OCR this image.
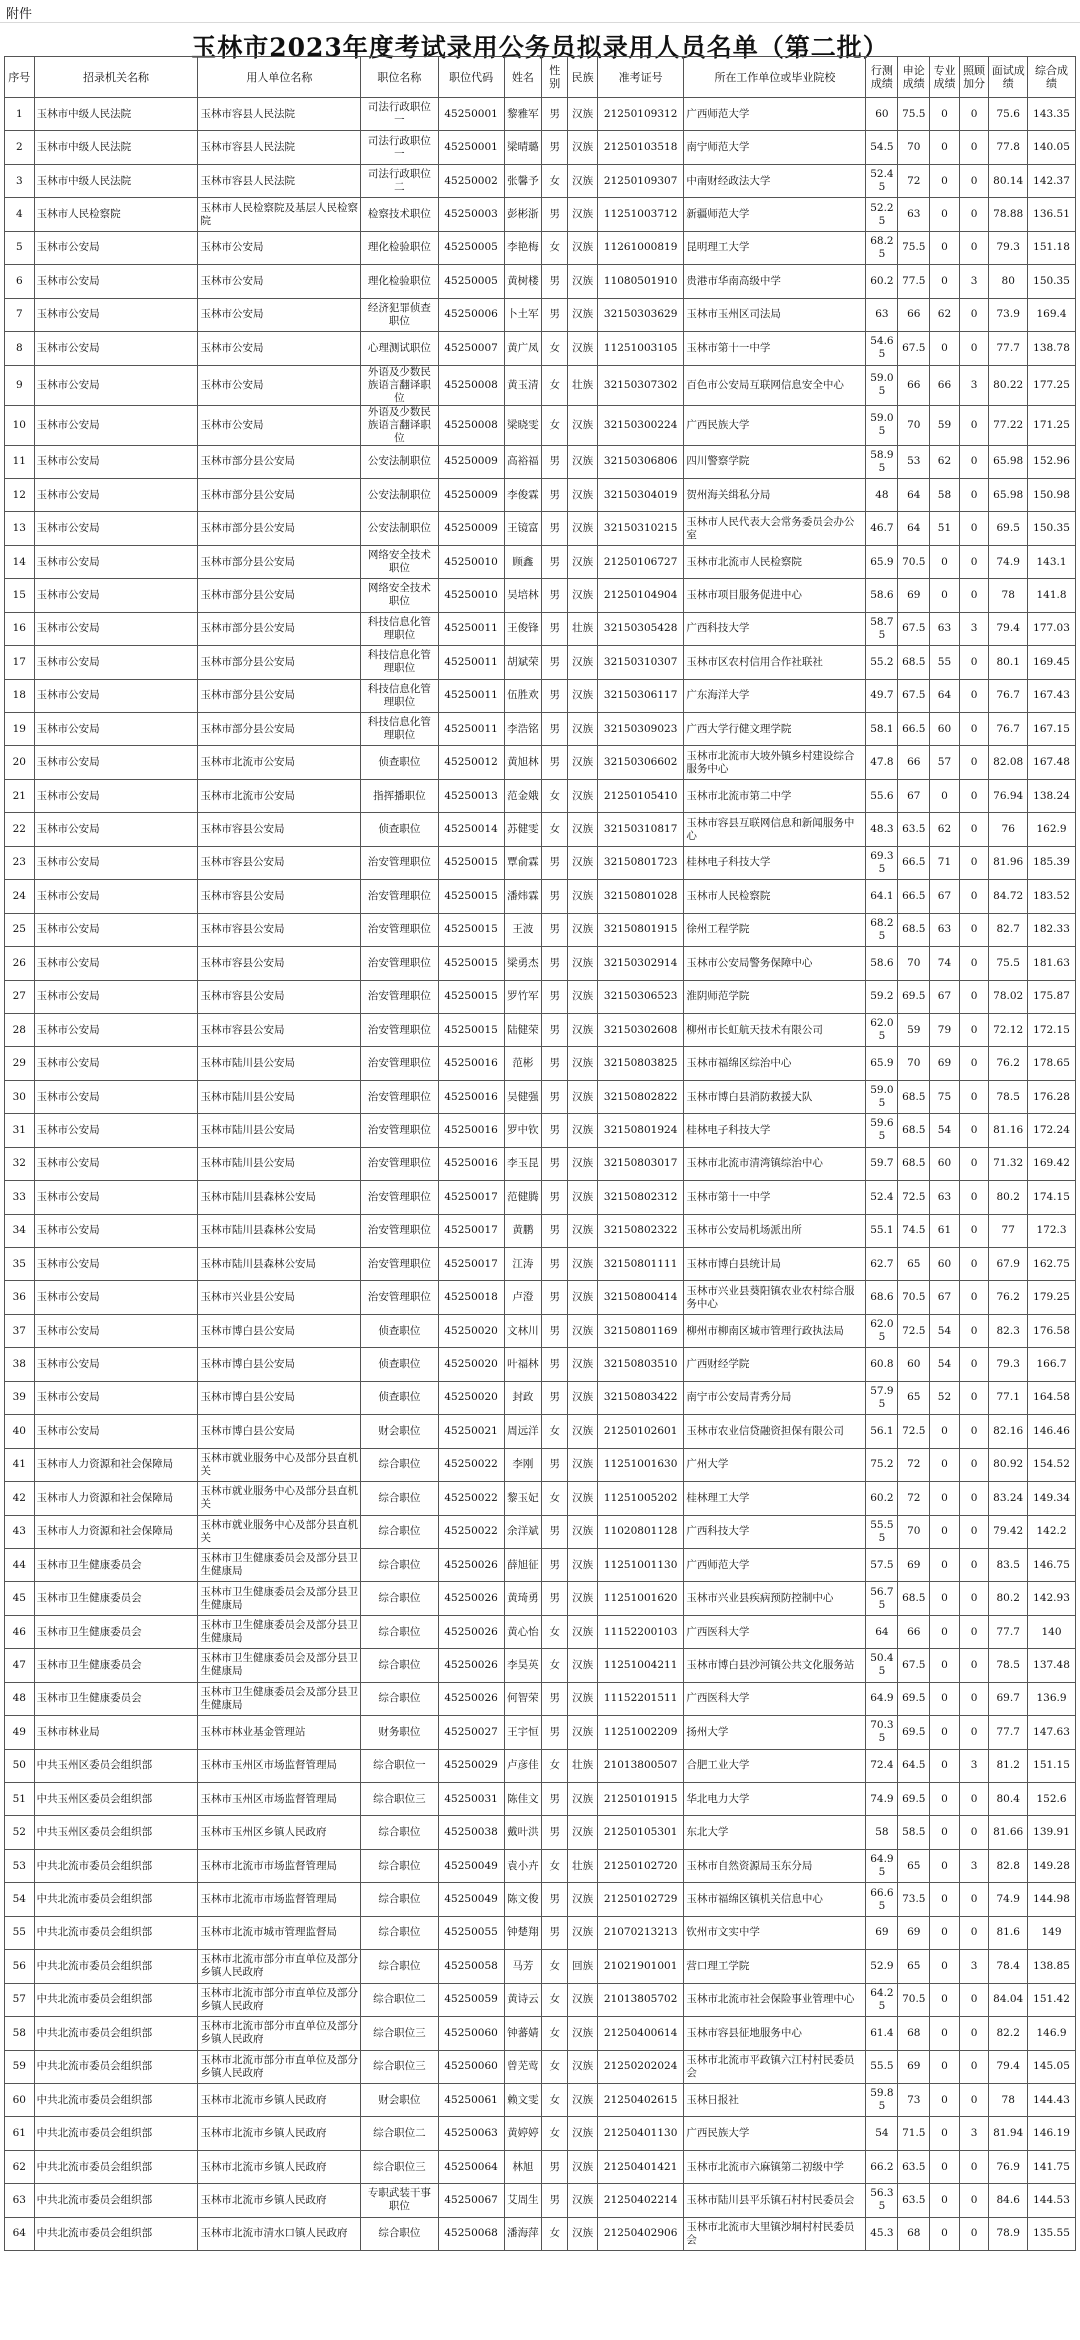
附件
玉林市2023年度考试录用公务员拟录用人员名单（第二批）
序号	招录机关名称	用人单位名称	职位名称	职位代码	姓名	性别	民族	准考证号	所在工作单位或毕业院校	行测成绩	申论成绩	专业成绩	照顾加分	面试成绩	综合成绩
1	玉林市中级人民法院	玉林市容县人民法院	司法行政职位一	45250001	黎雅军	男	汉族	21250109312	广西师范大学	60	75.5	0	0	75.6	143.35
2	玉林市中级人民法院	玉林市容县人民法院	司法行政职位一	45250001	梁晴璐	男	汉族	21250103518	南宁师范大学	54.5	70	0	0	77.8	140.05
3	玉林市中级人民法院	玉林市容县人民法院	司法行政职位二	45250002	张馨予	女	汉族	21250109307	中南财经政法大学	52.45	72	0	0	80.14	142.37
4	玉林市人民检察院	玉林市人民检察院及基层人民检察院	检察技术职位	45250003	彭彬浙	男	汉族	11251003712	新疆师范大学	52.25	63	0	0	78.88	136.51
5	玉林市公安局	玉林市公安局	理化检验职位	45250005	李艳梅	女	汉族	11261000819	昆明理工大学	68.25	75.5	0	0	79.3	151.18
6	玉林市公安局	玉林市公安局	理化检验职位	45250005	黄树楼	男	汉族	11080501910	贵港市华南高级中学	60.2	77.5	0	3	80	150.35
7	玉林市公安局	玉林市公安局	经济犯罪侦查职位	45250006	卜土军	男	汉族	32150303629	玉林市玉州区司法局	63	66	62	0	73.9	169.4
8	玉林市公安局	玉林市公安局	心理测试职位	45250007	黄广凤	女	汉族	11251003105	玉林市第十一中学	54.65	67.5	0	0	77.7	138.78
9	玉林市公安局	玉林市公安局	外语及少数民族语言翻译职位	45250008	黄玉清	女	壮族	32150307302	百色市公安局互联网信息安全中心	59.05	66	66	3	80.22	177.25
10	玉林市公安局	玉林市公安局	外语及少数民族语言翻译职位	45250008	梁晓雯	女	汉族	32150300224	广西民族大学	59.05	70	59	0	77.22	171.25
11	玉林市公安局	玉林市部分县公安局	公安法制职位	45250009	高裕福	男	汉族	32150306806	四川警察学院	58.95	53	62	0	65.98	152.96
12	玉林市公安局	玉林市部分县公安局	公安法制职位	45250009	李俊霖	男	汉族	32150304019	贺州海关缉私分局	48	64	58	0	65.98	150.98
13	玉林市公安局	玉林市部分县公安局	公安法制职位	45250009	王镜富	男	汉族	32150310215	玉林市人民代表大会常务委员会办公室	46.7	64	51	0	69.5	150.35
14	玉林市公安局	玉林市部分县公安局	网络安全技术职位	45250010	顾鑫	男	汉族	21250106727	玉林市北流市人民检察院	65.9	70.5	0	0	74.9	143.1
15	玉林市公安局	玉林市部分县公安局	网络安全技术职位	45250010	吴培林	男	汉族	21250104904	玉林市项目服务促进中心	58.6	69	0	0	78	141.8
16	玉林市公安局	玉林市部分县公安局	科技信息化管理职位	45250011	王俊锋	男	壮族	32150305428	广西科技大学	58.75	67.5	63	3	79.4	177.03
17	玉林市公安局	玉林市部分县公安局	科技信息化管理职位	45250011	胡斌荣	男	汉族	32150310307	玉林市区农村信用合作社联社	55.2	68.5	55	0	80.1	169.45
18	玉林市公安局	玉林市部分县公安局	科技信息化管理职位	45250011	伍胜欢	男	汉族	32150306117	广东海洋大学	49.7	67.5	64	0	76.7	167.43
19	玉林市公安局	玉林市部分县公安局	科技信息化管理职位	45250011	李浩铭	男	汉族	32150309023	广西大学行健文理学院	58.1	66.5	60	0	76.7	167.15
20	玉林市公安局	玉林市北流市公安局	侦查职位	45250012	黄旭林	男	汉族	32150306602	玉林市北流市大坡外镇乡村建设综合服务中心	47.8	66	57	0	82.08	167.48
21	玉林市公安局	玉林市北流市公安局	指挥播职位	45250013	范金娥	女	汉族	21250105410	玉林市北流市第二中学	55.6	67	0	0	76.94	138.24
22	玉林市公安局	玉林市容县公安局	侦查职位	45250014	苏健雯	女	汉族	32150310817	玉林市容县互联网信息和新闻服务中心	48.3	63.5	62	0	76	162.9
23	玉林市公安局	玉林市容县公安局	治安管理职位	45250015	覃俞霖	男	汉族	32150801723	桂林电子科技大学	69.35	66.5	71	0	81.96	185.39
24	玉林市公安局	玉林市容县公安局	治安管理职位	45250015	潘炜霖	男	汉族	32150801028	玉林市人民检察院	64.1	66.5	67	0	84.72	183.52
25	玉林市公安局	玉林市容县公安局	治安管理职位	45250015	王波	男	汉族	32150801915	徐州工程学院	68.25	68.5	63	0	82.7	182.33
26	玉林市公安局	玉林市容县公安局	治安管理职位	45250015	梁勇杰	男	汉族	32150302914	玉林市公安局警务保障中心	58.6	70	74	0	75.5	181.63
27	玉林市公安局	玉林市容县公安局	治安管理职位	45250015	罗竹军	男	汉族	32150306523	淮阴师范学院	59.2	69.5	67	0	78.02	175.87
28	玉林市公安局	玉林市容县公安局	治安管理职位	45250015	陆健荣	男	汉族	32150302608	柳州市长虹航天技术有限公司	62.05	59	79	0	72.12	172.15
29	玉林市公安局	玉林市陆川县公安局	治安管理职位	45250016	范彬	男	汉族	32150803825	玉林市福绵区综治中心	65.9	70	69	0	76.2	178.65
30	玉林市公安局	玉林市陆川县公安局	治安管理职位	45250016	吴健强	男	汉族	32150802822	玉林市博白县消防救援大队	59.05	68.5	75	0	78.5	176.28
31	玉林市公安局	玉林市陆川县公安局	治安管理职位	45250016	罗中钦	男	汉族	32150801924	桂林电子科技大学	59.65	68.5	54	0	81.16	172.24
32	玉林市公安局	玉林市陆川县公安局	治安管理职位	45250016	李玉昆	男	汉族	32150803017	玉林市北流市清湾镇综治中心	59.7	68.5	60	0	71.32	169.42
33	玉林市公安局	玉林市陆川县森林公安局	治安管理职位	45250017	范健腾	男	汉族	32150802312	玉林市第十一中学	52.4	72.5	63	0	80.2	174.15
34	玉林市公安局	玉林市陆川县森林公安局	治安管理职位	45250017	黄鹏	男	汉族	32150802322	玉林市公安局机场派出所	55.1	74.5	61	0	77	172.3
35	玉林市公安局	玉林市陆川县森林公安局	治安管理职位	45250017	江涛	男	汉族	32150801111	玉林市博白县统计局	62.7	65	60	0	67.9	162.75
36	玉林市公安局	玉林市兴业县公安局	治安管理职位	45250018	卢澄	男	汉族	32150800414	玉林市兴业县葵阳镇农业农村综合服务中心	68.6	70.5	67	0	76.2	179.25
37	玉林市公安局	玉林市博白县公安局	侦查职位	45250020	文林川	男	汉族	32150801169	柳州市柳南区城市管理行政执法局	62.05	72.5	54	0	82.3	176.58
38	玉林市公安局	玉林市博白县公安局	侦查职位	45250020	叶福林	男	汉族	32150803510	广西财经学院	60.8	60	54	0	79.3	166.7
39	玉林市公安局	玉林市博白县公安局	侦查职位	45250020	封政	男	汉族	32150803422	南宁市公安局青秀分局	57.95	65	52	0	77.1	164.58
40	玉林市公安局	玉林市博白县公安局	财会职位	45250021	周远洋	女	汉族	21250102601	玉林市农业信贷融资担保有限公司	56.1	72.5	0	0	82.16	146.46
41	玉林市人力资源和社会保障局	玉林市就业服务中心及部分县直机关	综合职位	45250022	李刚	男	汉族	11251001630	广州大学	75.2	72	0	0	80.92	154.52
42	玉林市人力资源和社会保障局	玉林市就业服务中心及部分县直机关	综合职位	45250022	黎玉妃	女	汉族	11251005202	桂林理工大学	60.2	72	0	0	83.24	149.34
43	玉林市人力资源和社会保障局	玉林市就业服务中心及部分县直机关	综合职位	45250022	余洋斌	男	汉族	11020801128	广西科技大学	55.55	70	0	0	79.42	142.2
44	玉林市卫生健康委员会	玉林市卫生健康委员会及部分县卫生健康局	综合职位	45250026	薛旭征	男	汉族	11251001130	广西师范大学	57.5	69	0	0	83.5	146.75
45	玉林市卫生健康委员会	玉林市卫生健康委员会及部分县卫生健康局	综合职位	45250026	黄琦勇	男	汉族	11251001620	玉林市兴业县疾病预防控制中心	56.75	68.5	0	0	80.2	142.93
46	玉林市卫生健康委员会	玉林市卫生健康委员会及部分县卫生健康局	综合职位	45250026	黄心怡	女	汉族	11152200103	广西医科大学	64	66	0	0	77.7	140
47	玉林市卫生健康委员会	玉林市卫生健康委员会及部分县卫生健康局	综合职位	45250026	李昊英	女	汉族	11251004211	玉林市博白县沙河镇公共文化服务站	50.45	67.5	0	0	78.5	137.48
48	玉林市卫生健康委员会	玉林市卫生健康委员会及部分县卫生健康局	综合职位	45250026	何智荣	男	汉族	11152201511	广西医科大学	64.9	69.5	0	0	69.7	136.9
49	玉林市林业局	玉林市林业基金管理站	财务职位	45250027	王宇恒	男	汉族	11251002209	扬州大学	70.35	69.5	0	0	77.7	147.63
50	中共玉州区委员会组织部	玉林市玉州区市场监督管理局	综合职位一	45250029	卢彦佳	女	壮族	21013800507	合肥工业大学	72.4	64.5	0	3	81.2	151.15
51	中共玉州区委员会组织部	玉林市玉州区市场监督管理局	综合职位三	45250031	陈佳文	男	汉族	21250101915	华北电力大学	74.9	69.5	0	0	80.4	152.6
52	中共玉州区委员会组织部	玉林市玉州区乡镇人民政府	综合职位	45250038	戴叶洪	男	汉族	21250105301	东北大学	58	58.5	0	0	81.66	139.91
53	中共北流市委员会组织部	玉林市北流市市场监督管理局	综合职位	45250049	袁小卉	女	壮族	21250102720	玉林市自然资源局玉东分局	64.95	65	0	3	82.8	149.28
54	中共北流市委员会组织部	玉林市北流市市场监督管理局	综合职位	45250049	陈文俊	男	汉族	21250102729	玉林市福绵区镇机关信息中心	66.65	73.5	0	0	74.9	144.98
55	中共北流市委员会组织部	玉林市北流市城市管理监督局	综合职位	45250055	钟楚翔	男	汉族	21070213213	钦州市文实中学	69	69	0	0	81.6	149
56	中共北流市委员会组织部	玉林市北流市部分市直单位及部分乡镇人民政府	综合职位	45250058	马芳	女	回族	21021901001	营口理工学院	52.9	65	0	3	78.4	138.85
57	中共北流市委员会组织部	玉林市北流市部分市直单位及部分乡镇人民政府	综合职位二	45250059	黄诗云	女	汉族	21013805702	玉林市北流市社会保险事业管理中心	64.25	70.5	0	0	84.04	151.42
58	中共北流市委员会组织部	玉林市北流市部分市直单位及部分乡镇人民政府	综合职位三	45250060	钟蕃婧	女	汉族	21250400614	玉林市容县征地服务中心	61.4	68	0	0	82.2	146.9
59	中共北流市委员会组织部	玉林市北流市部分市直单位及部分乡镇人民政府	综合职位三	45250060	曾芜莺	女	汉族	21250202024	玉林市北流市平政镇六江村村民委员会	55.5	69	0	0	79.4	145.05
60	中共北流市委员会组织部	玉林市北流市乡镇人民政府	财会职位	45250061	赖文雯	女	汉族	21250402615	玉林日报社	59.85	73	0	0	78	144.43
61	中共北流市委员会组织部	玉林市北流市乡镇人民政府	综合职位二	45250063	黄婷婷	女	汉族	21250401130	广西民族大学	54	71.5	0	3	81.94	146.19
62	中共北流市委员会组织部	玉林市北流市乡镇人民政府	综合职位三	45250064	林旭	男	汉族	21250401421	玉林市北流市六麻镇第二初级中学	66.2	63.5	0	0	76.9	141.75
63	中共北流市委员会组织部	玉林市北流市乡镇人民政府	专职武装干事职位	45250067	艾周生	男	汉族	21250402214	玉林市陆川县平乐镇石村村民委员会	56.35	63.5	0	0	84.6	144.53
64	中共北流市委员会组织部	玉林市北流市清水口镇人民政府	综合职位	45250068	潘海萍	女	汉族	21250402906	玉林市北流市大里镇沙垌村村民委员会	45.3	68	0	0	78.9	135.55
